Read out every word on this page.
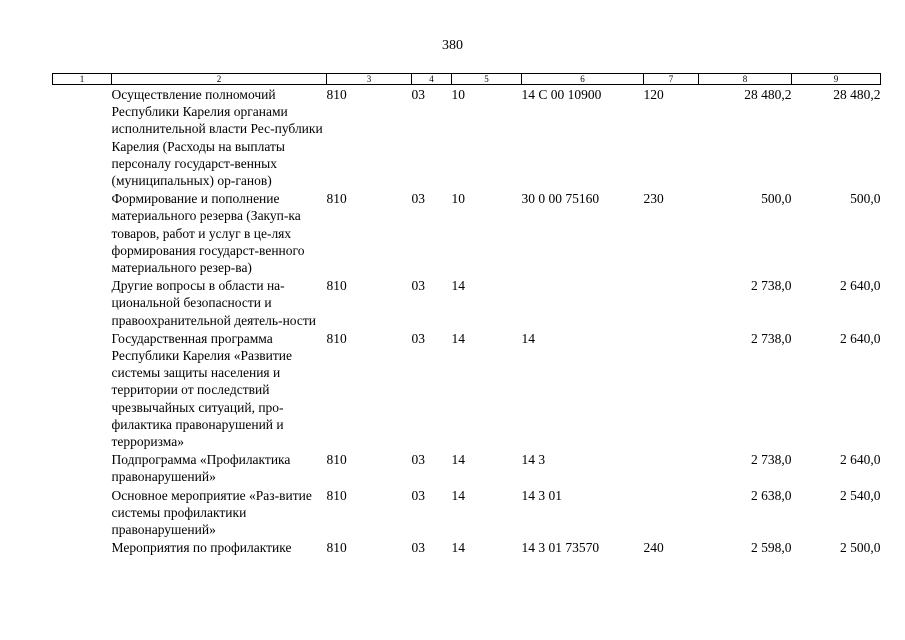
380
1	2	3	4	5	6	7	8	9
	Осуществление полномочий Республики Карелия органами исполнительной власти Рес-публики Карелия (Расходы на выплаты персоналу государст-венных (муниципальных) ор-ганов)	810	03	10	14 С 00 10900	120	28 480,2	28 480,2
	Формирование и пополнение материального резерва (Закуп-ка товаров, работ и услуг в це-лях формирования государст-венного материального резер-ва)	810	03	10	30 0 00 75160	230	500,0	500,0
	Другие вопросы в области на-циональной безопасности и правоохранительной деятель-ности	810	03	14			2 738,0	2 640,0
	Государственная программа Республики Карелия «Развитие системы защиты населения и территории от последствий чрезвычайных ситуаций, про-филактика правонарушений и терроризма»	810	03	14	14		2 738,0	2 640,0
	Подпрограмма «Профилактика правонарушений»	810	03	14	14 3		2 738,0	2 640,0
	Основное мероприятие «Раз-витие системы профилактики правонарушений»	810	03	14	14 3 01		2 638,0	2 540,0
	Мероприятия по профилактике	810	03	14	14 3 01 73570	240	2 598,0	2 500,0
